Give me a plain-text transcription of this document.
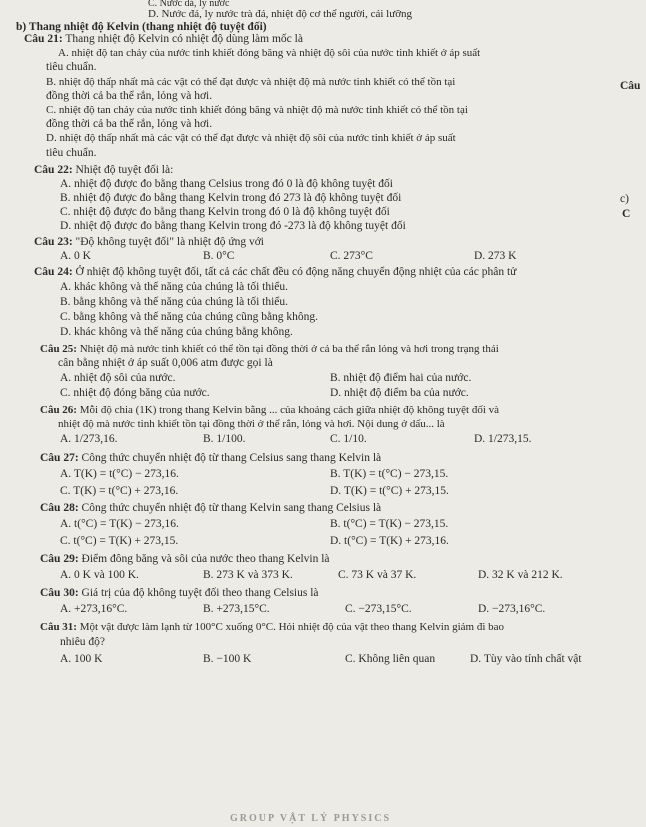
C. Nước đá, ly nước
D. Nước đá, ly nước trà đá, nhiệt độ cơ thể người, cái lưỡng
b) Thang nhiệt độ Kelvin (thang nhiệt độ tuyệt đối)
Câu 21: Thang nhiệt độ Kelvin có nhiệt độ dùng làm mốc là
A. nhiệt độ tan chảy của nước tinh khiết đóng băng và nhiệt độ sôi của nước tinh khiết ở áp suất
tiêu chuẩn.
B. nhiệt độ thấp nhất mà các vật có thể đạt được và nhiệt độ mà nước tinh khiết có thể tồn tại
đồng thời cả ba thể rắn, lỏng và hơi.
C. nhiệt độ tan chảy của nước tinh khiết đóng băng và nhiệt độ mà nước tinh khiết có thể tồn tại
đồng thời cả ba thể rắn, lỏng và hơi.
D. nhiệt độ thấp nhất mà các vật có thể đạt được và nhiệt độ sôi của nước tinh khiết ở áp suất
tiêu chuẩn.
Câu
c)
C
Câu 22: Nhiệt độ tuyệt đối là:
A. nhiệt độ được đo bằng thang Celsius trong đó 0 là độ không tuyệt đối
B. nhiệt độ được đo bằng thang Kelvin trong đó 273 là độ không tuyệt đối
C. nhiệt độ được đo bằng thang Kelvin trong đó 0 là độ không tuyệt đối
D. nhiệt độ được đo bằng thang Kelvin trong đó -273 là độ không tuyệt đối
Câu 23: "Độ không tuyệt đối" là nhiệt độ ứng với
A. 0 K	B. 0°C	C. 273°C	D. 273 K
Câu 24: Ở nhiệt độ không tuyệt đối, tất cả các chất đều có động năng chuyển động nhiệt của các phân tử
A. khác không và thế năng của chúng là tối thiểu.
B. bằng không và thế năng của chúng là tối thiểu.
C. bằng không và thế năng của chúng cũng bằng không.
D. khác không và thế năng của chúng bằng không.
Câu 25: Nhiệt độ mà nước tinh khiết có thể tồn tại đồng thời ở cả ba thể rắn lỏng và hơi trong trạng thái
cân bằng nhiệt ở áp suất 0,006 atm được gọi là
A. nhiệt độ sôi của nước.	B. nhiệt độ điểm hai của nước.
C. nhiệt độ đóng băng của nước.	D. nhiệt độ điểm ba của nước.
Câu 26: Mỗi độ chia (1K) trong thang Kelvin bằng ... của khoảng cách giữa nhiệt độ không tuyệt đối và
nhiệt độ mà nước tinh khiết tồn tại đồng thời ở thể rắn, lỏng và hơi. Nội dung ở dấu... là
A. 1/273,16.	B. 1/100.	C. 1/10.	D. 1/273,15.
Câu 27: Công thức chuyển nhiệt độ từ thang Celsius sang thang Kelvin là
A. T(K) = t(°C) − 273,16.	B. T(K) = t(°C) − 273,15.
C. T(K) = t(°C) + 273,16.	D. T(K) = t(°C) + 273,15.
Câu 28: Công thức chuyển nhiệt độ từ thang Kelvin sang thang Celsius là
A. t(°C) = T(K) − 273,16.	B. t(°C) = T(K) − 273,15.
C. t(°C) = T(K) + 273,15.	D. t(°C) = T(K) + 273,16.
Câu 29: Điểm đông băng và sôi của nước theo thang Kelvin là
A. 0 K và 100 K.	B. 273 K và 373 K.	C. 73 K và 37 K.	D. 32 K và 212 K.
Câu 30: Giá trị của độ không tuyệt đối theo thang Celsius là
A. +273,16°C.	B. +273,15°C.	C. −273,15°C.	D. −273,16°C.
Câu 31: Một vật được làm lạnh từ 100°C xuống 0°C. Hỏi nhiệt độ của vật theo thang Kelvin giảm đi bao
nhiêu độ?
A. 100 K	B. −100 K	C. Không liên quan	D. Tùy vào tính chất vật
GROUP VẬT LÝ PHYSICS
